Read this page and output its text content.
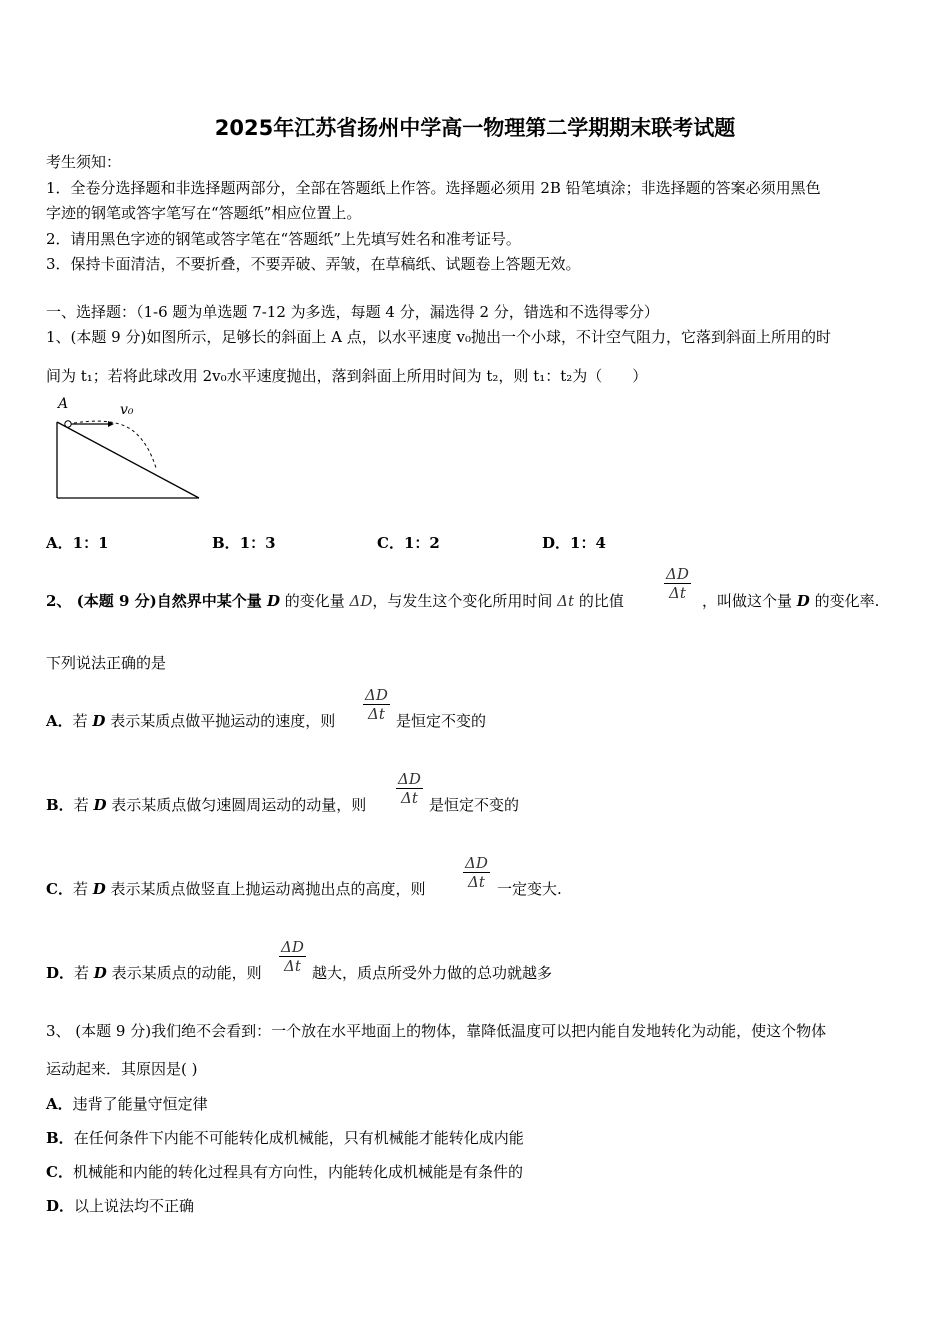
2025年江苏省扬州中学高一物理第二学期期末联考试题
考生须知：
1．全卷分选择题和非选择题两部分，全部在答题纸上作答。选择题必须用 2B 铅笔填涂；非选择题的答案必须用黑色
字迹的钢笔或答字笔写在“答题纸”相应位置上。
2．请用黑色字迹的钢笔或答字笔在“答题纸”上先填写姓名和准考证号。
3．保持卡面清洁，不要折叠，不要弄破、弄皱，在草稿纸、试题卷上答题无效。
一、选择题：（1-6 题为单选题 7-12 为多选，每题 4 分，漏选得 2 分，错选和不选得零分）
1、(本题 9 分)如图所示，足够长的斜面上 A 点，以水平速度 v₀抛出一个小球，不计空气阻力，它落到斜面上所用的时
间为 t₁；若将此球改用 2v₀水平速度抛出，落到斜面上所用时间为 t₂，则 t₁：t₂为（　　）
A	v₀
A．1：1	B．1：3	C．1：2	D．1：4
2、 (本题 9 分)自然界中某个量 D 的变化量 ΔD，与发生这个变化所用时间 Δt 的比值	$\frac{\Delta D}{\Delta t}$ ，叫做这个量 D 的变化率.
下列说法正确的是
A．若 D 表示某质点做平抛运动的速度，则 $\frac{\Delta D}{\Delta t}$ 是恒定不变的
B．若 D 表示某质点做匀速圆周运动的动量，则 $\frac{\Delta D}{\Delta t}$ 是恒定不变的
C．若 D 表示某质点做竖直上抛运动离抛出点的高度，则 $\frac{\Delta D}{\Delta t}$ 一定变大.
D．若 D 表示某质点的动能，则 $\frac{\Delta D}{\Delta t}$ 越大，质点所受外力做的总功就越多
3、 (本题 9 分)我们绝不会看到：一个放在水平地面上的物体，靠降低温度可以把内能自发地转化为动能，使这个物体
运动起来．其原因是( )
A．违背了能量守恒定律
B．在任何条件下内能不可能转化成机械能，只有机械能才能转化成内能
C．机械能和内能的转化过程具有方向性，内能转化成机械能是有条件的
D．以上说法均不正确
